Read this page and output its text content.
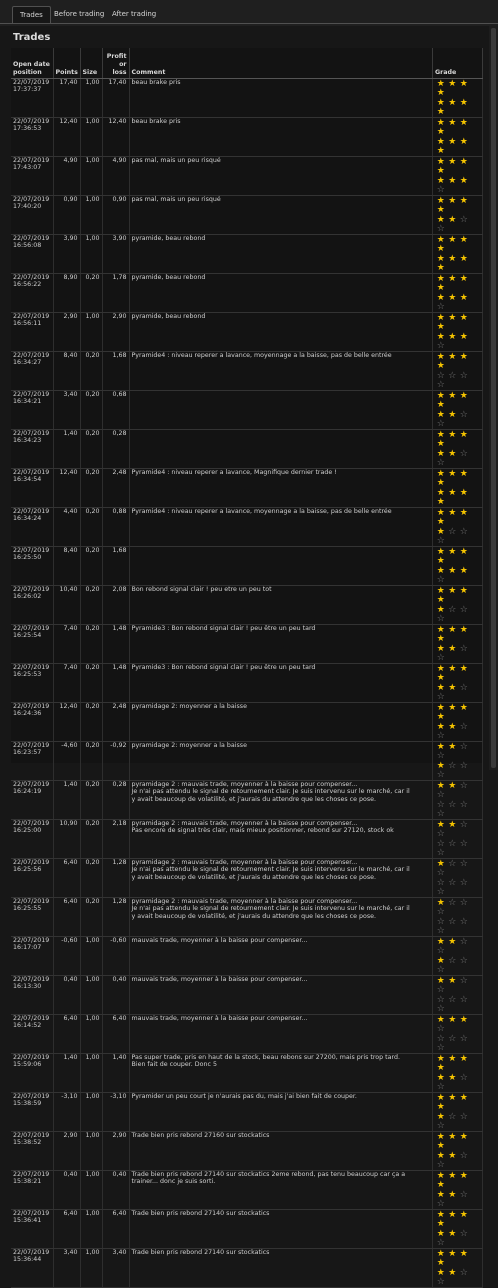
Trades	Before trading	After trading
Trades
Open date
position	Points	Size	Profit
or
loss	Comment	Grade
22/07/2019
17:37:37	17,40	1,00	17,40	beau brake pris	★ ★ ★★
★ ★ ★★

22/07/2019
17:36:53	12,40	1,00	12,40	beau brake pris	★ ★ ★★
★ ★ ★★

22/07/2019
17:43:07	4,90	1,00	4,90	pas mal, mais un peu risqué	★ ★ ★★
★ ★ ★☆

22/07/2019
17:40:20	0,90	1,00	0,90	pas mal, mais un peu risqué	★ ★ ★★
★ ★ ☆☆

22/07/2019
16:56:08	3,90	1,00	3,90	pyramide, beau rebond	★ ★ ★★
★ ★ ★★

22/07/2019
16:56:22	8,90	0,20	1,78	pyramide, beau rebond	★ ★ ★★
★ ★ ★☆

22/07/2019
16:56:11	2,90	1,00	2,90	pyramide, beau rebond	★ ★ ★★
★ ★ ★☆

22/07/2019
16:34:27	8,40	0,20	1,68	Pyramide4 : niveau reperer a lavance, moyennage a la baisse, pas de belle entrée	★ ★ ★★
☆ ☆ ☆☆

22/07/2019
16:34:21	3,40	0,20	0,68		★ ★ ★★
★ ★ ☆☆

22/07/2019
16:34:23	1,40	0,20	0,28		★ ★ ★★
★ ★ ☆☆

22/07/2019
16:34:54	12,40	0,20	2,48	Pyramide4 : niveau reperer a lavance, Magnifique dernier trade !	★ ★ ★★
★ ★ ★★

22/07/2019
16:34:24	4,40	0,20	0,88	Pyramide4 : niveau reperer a lavance, moyennage a la baisse, pas de belle entrée	★ ★ ★★
★ ☆ ☆☆

22/07/2019
16:25:50	8,40	0,20	1,68		★ ★ ★★
★ ★ ★☆

22/07/2019
16:26:02	10,40	0,20	2,08	Bon rebond signal clair ! peu etre un peu tot	★ ★ ★★
★ ☆ ☆☆

22/07/2019
16:25:54	7,40	0,20	1,48	Pyramide3 : Bon rebond signal clair ! peu être un peu tard	★ ★ ★★
★ ★ ☆☆

22/07/2019
16:25:53	7,40	0,20	1,48	Pyramide3 : Bon rebond signal clair ! peu être un peu tard	★ ★ ★★
★ ★ ☆☆

22/07/2019
16:24:36	12,40	0,20	2,48	pyramidage 2: moyenner a la baisse	★ ★ ★★
★ ★ ☆☆

22/07/2019
16:23:57	-4,60	0,20	-0,92	pyramidage 2: moyenner a la baisse	★ ★ ☆☆
★ ☆ ☆☆

22/07/2019
16:24:19	1,40	0,20	0,28	pyramidage 2 : mauvais trade, moyenner à la baisse pour compenser...
Je n'ai pas attendu le signal de retournement clair. Je suis intervenu sur le marché, car il
y avait beaucoup de volatilité, et j'aurais du attendre que les choses ce pose.	★ ★ ☆☆
☆ ☆ ☆☆

22/07/2019
16:25:00	10,90	0,20	2,18	pyramidage 2 : mauvais trade, moyenner à la baisse pour compenser...
Pas encore de signal très clair, mais mieux positionner, rebond sur 27120, stock ok	★ ★ ☆☆
☆ ☆ ☆☆

22/07/2019
16:25:56	6,40	0,20	1,28	pyramidage 2 : mauvais trade, moyenner à la baisse pour compenser...
Je n'ai pas attendu le signal de retournement clair. Je suis intervenu sur le marché, car il
y avait beaucoup de volatilité, et j'aurais du attendre que les choses ce pose.	★ ☆ ☆☆
☆ ☆ ☆☆

22/07/2019
16:25:55	6,40	0,20	1,28	pyramidage 2 : mauvais trade, moyenner à la baisse pour compenser...
Je n'ai pas attendu le signal de retournement clair. Je suis intervenu sur le marché, car il
y avait beaucoup de volatilité, et j'aurais du attendre que les choses ce pose.	★ ☆ ☆☆
☆ ☆ ☆☆

22/07/2019
16:17:07	-0,60	1,00	-0,60	mauvais trade, moyenner à la baisse pour compenser...	★ ★ ☆☆
★ ☆ ☆☆

22/07/2019
16:13:30	0,40	1,00	0,40	mauvais trade, moyenner à la baisse pour compenser...	★ ★ ☆☆
☆ ☆ ☆☆

22/07/2019
16:14:52	6,40	1,00	6,40	mauvais trade, moyenner à la baisse pour compenser...	★ ★ ★☆
☆ ☆ ☆☆

22/07/2019
15:59:06	1,40	1,00	1,40	Pas super trade, pris en haut de la stock, beau rebons sur 27200, mais pris trop tard.
Bien fait de couper. Donc 5	★ ★ ★★
★ ★ ☆☆

22/07/2019
15:38:59	-3,10	1,00	-3,10	Pyramider un peu court je n'aurais pas du, mais j'ai bien fait de couper.	★ ★ ★★
★ ☆ ☆☆

22/07/2019
15:38:52	2,90	1,00	2,90	Trade bien pris rebond 27160 sur stockatics	★ ★ ★★
★ ★ ☆☆

22/07/2019
15:38:21	0,40	1,00	0,40	Trade bien pris rebond 27140 sur stockatics 2eme rebond, pas tenu beaucoup car ça a
trainer... donc je suis sorti.	★ ★ ★★
★ ★ ☆☆

22/07/2019
15:36:41	6,40	1,00	6,40	Trade bien pris rebond 27140 sur stockatics	★ ★ ★★
★ ★ ☆☆

22/07/2019
15:36:44	3,40	1,00	3,40	Trade bien pris rebond 27140 sur stockatics	★ ★ ★★
★ ★ ☆☆
